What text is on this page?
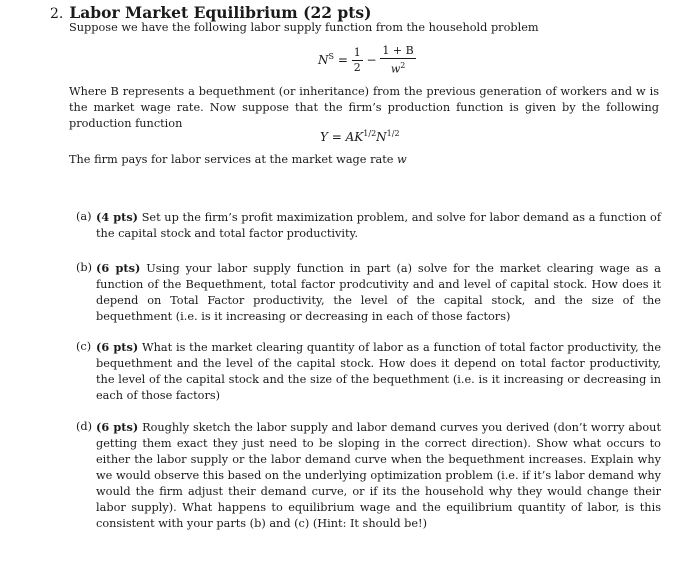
2. Labor Market Equilibrium (22 pts)
Suppose we have the following labor supply function from the household problem
$N^S = \frac{1}{2} - \frac{1 + B}{w^2}$
Where B represents a bequethment (or inheritance) from the previous generation of workers and w is the market wage rate. Now suppose that the firm’s production function is given by the following production function
$Y = AK^{1/2}N^{1/2}$
The firm pays for labor services at the market wage rate w
(a) (4 pts) Set up the firm’s profit maximization problem, and solve for labor demand as a function of the capital stock and total factor productivity.
(b) (6 pts) Using your labor supply function in part (a) solve for the market clearing wage as a function of the Bequethment, total factor prodcutivity and and level of capital stock. How does it depend on Total Factor productivity, the level of the capital stock, and the size of the bequethment (i.e. is it increasing or decreasing in each of those factors)
(c) (6 pts) What is the market clearing quantity of labor as a function of total factor productivity, the bequethment and the level of the capital stock. How does it depend on total factor productivity, the level of the capital stock and the size of the bequethment (i.e. is it increasing or decreasing in each of those factors)
(d) (6 pts) Roughly sketch the labor supply and labor demand curves you derived (don’t worry about getting them exact they just need to be sloping in the correct direction). Show what occurs to either the labor supply or the labor demand curve when the bequethment increases. Explain why we would observe this based on the underlying optimization problem (i.e. if it’s labor demand why would the firm adjust their demand curve, or if its the household why they would change their labor supply). What happens to equilibrium wage and the equilibrium quantity of labor, is this consistent with your parts (b) and (c) (Hint: It should be!)
